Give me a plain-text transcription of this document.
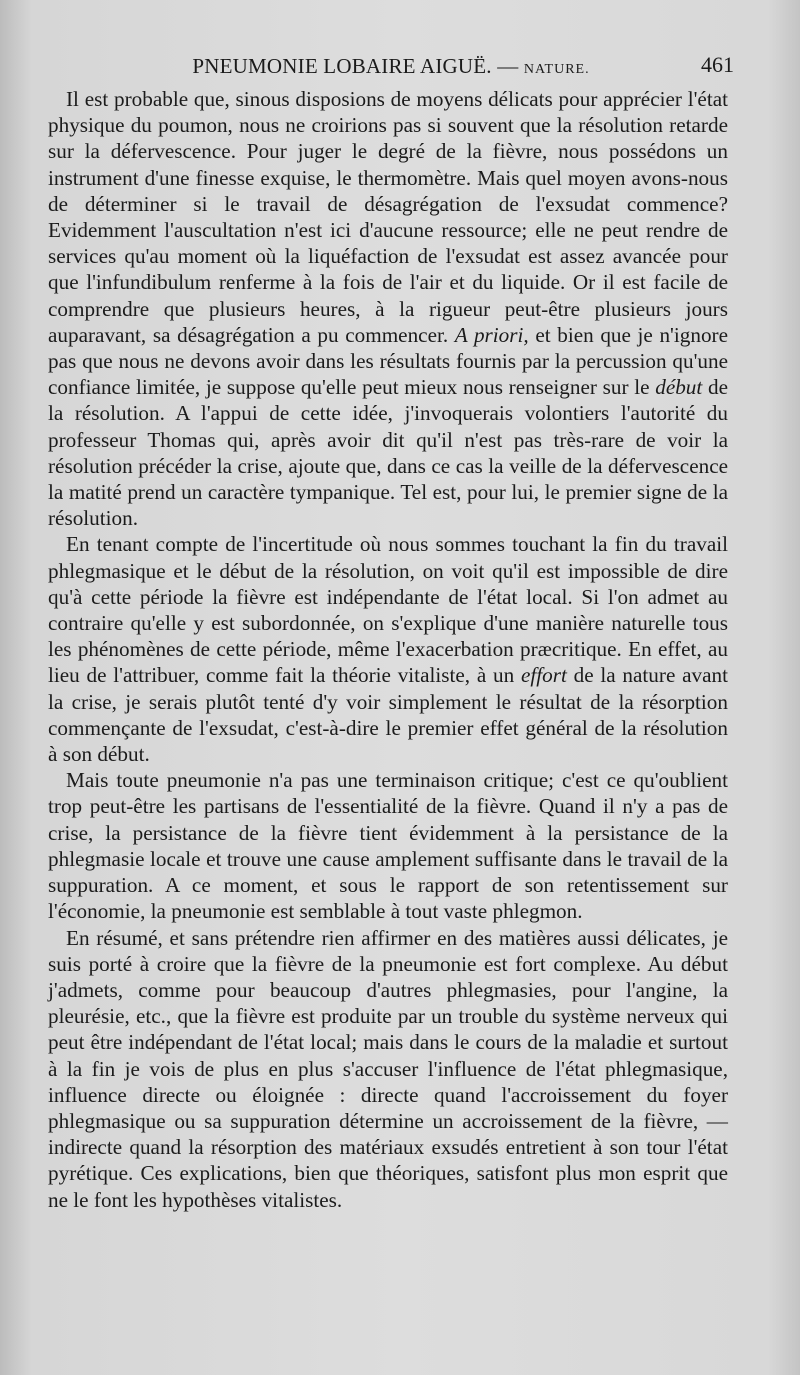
PNEUMONIE LOBAIRE AIGUË. — NATURE.	461

Il est probable que, sinous disposions de moyens délicats pour apprécier l'état physique du poumon, nous ne croirions pas si souvent que la résolution retarde sur la défervescence. Pour juger le degré de la fièvre, nous possédons un instrument d'une finesse exquise, le thermomètre. Mais quel moyen avons-nous de déterminer si le travail de désagrégation de l'exsudat commence? Evidemment l'auscultation n'est ici d'aucune ressource; elle ne peut rendre de services qu'au moment où la liquéfaction de l'exsudat est assez avancée pour que l'infundibulum renferme à la fois de l'air et du liquide. Or il est facile de comprendre que plusieurs heures, à la rigueur peut-être plusieurs jours auparavant, sa désagrégation a pu commencer. A priori, et bien que je n'ignore pas que nous ne devons avoir dans les résultats fournis par la percussion qu'une confiance limitée, je suppose qu'elle peut mieux nous renseigner sur le début de la résolution. A l'appui de cette idée, j'invoquerais volontiers l'autorité du professeur Thomas qui, après avoir dit qu'il n'est pas très-rare de voir la résolution précéder la crise, ajoute que, dans ce cas la veille de la défervescence la matité prend un caractère tympanique. Tel est, pour lui, le premier signe de la résolution.

En tenant compte de l'incertitude où nous sommes touchant la fin du travail phlegmasique et le début de la résolution, on voit qu'il est impossible de dire qu'à cette période la fièvre est indépendante de l'état local. Si l'on admet au contraire qu'elle y est subordonnée, on s'explique d'une manière naturelle tous les phénomènes de cette période, même l'exacerbation præcritique. En effet, au lieu de l'attribuer, comme fait la théorie vitaliste, à un effort de la nature avant la crise, je serais plutôt tenté d'y voir simplement le résultat de la résorption commençante de l'exsudat, c'est-à-dire le premier effet général de la résolution à son début.

Mais toute pneumonie n'a pas une terminaison critique; c'est ce qu'oublient trop peut-être les partisans de l'essentialité de la fièvre. Quand il n'y a pas de crise, la persistance de la fièvre tient évidemment à la persistance de la phlegmasie locale et trouve une cause amplement suffisante dans le travail de la suppuration. A ce moment, et sous le rapport de son retentissement sur l'économie, la pneumonie est semblable à tout vaste phlegmon.

En résumé, et sans prétendre rien affirmer en des matières aussi délicates, je suis porté à croire que la fièvre de la pneumonie est fort complexe. Au début j'admets, comme pour beaucoup d'autres phlegmasies, pour l'angine, la pleurésie, etc., que la fièvre est produite par un trouble du système nerveux qui peut être indépendant de l'état local; mais dans le cours de la maladie et surtout à la fin je vois de plus en plus s'accuser l'influence de l'état phlegmasique, influence directe ou éloignée : directe quand l'accroissement du foyer phlegmasique ou sa suppuration détermine un accroissement de la fièvre, — indirecte quand la résorption des matériaux exsudés entretient à son tour l'état pyrétique. Ces explications, bien que théoriques, satisfont plus mon esprit que ne le font les hypothèses vitalistes.
